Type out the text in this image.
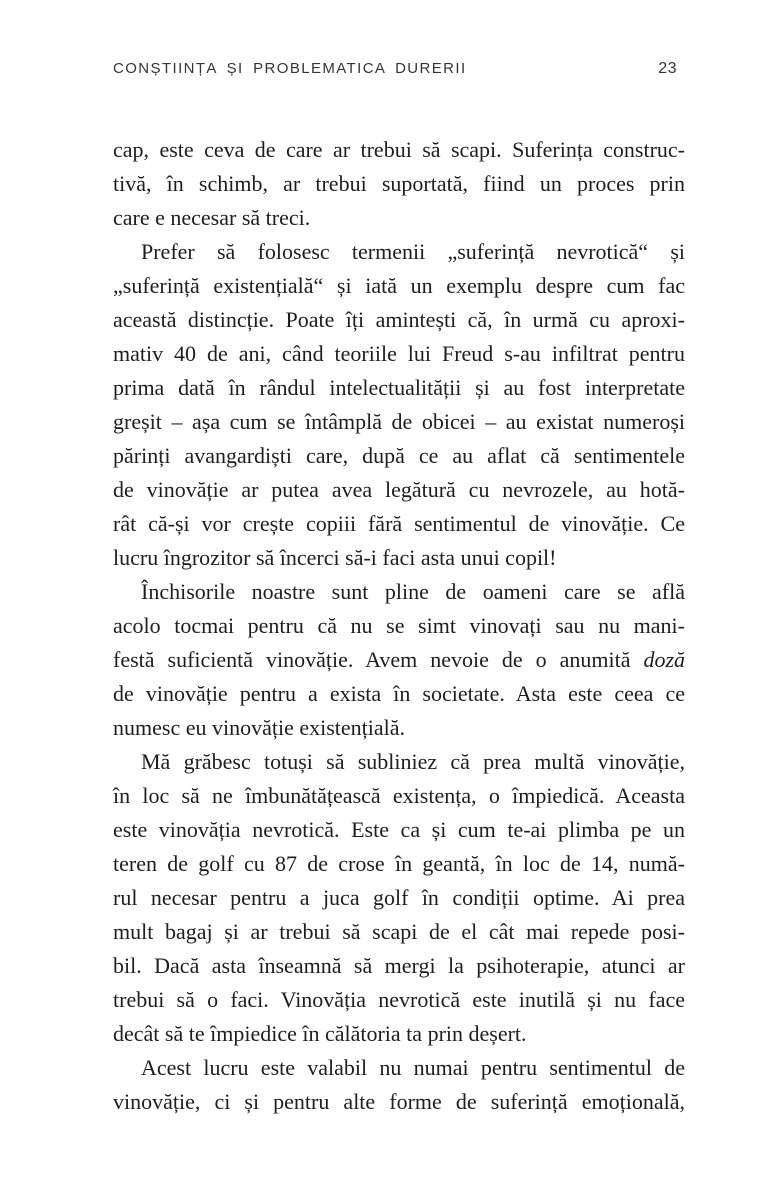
CONȘTIINȚA ȘI PROBLEMATICA DURERII	23
cap, este ceva de care ar trebui să scapi. Suferința construc-
tivă, în schimb, ar trebui suportată, fiind un proces prin
care e necesar să treci.
Prefer să folosesc termenii „suferință nevrotică“ și
„suferință existențială“ și iată un exemplu despre cum fac
această distincție. Poate îți amintești că, în urmă cu aproxi-
mativ 40 de ani, când teoriile lui Freud s-au infiltrat pentru
prima dată în rândul intelectualității și au fost interpretate
greșit – așa cum se întâmplă de obicei – au existat numeroși
părinți avangardiști care, după ce au aflat că sentimentele
de vinovăție ar putea avea legătură cu nevrozele, au hotă-
rât că-și vor crește copiii fără sentimentul de vinovăție. Ce
lucru îngrozitor să încerci să-i faci asta unui copil!
Închisorile noastre sunt pline de oameni care se află
acolo tocmai pentru că nu se simt vinovați sau nu mani-
festă suficientă vinovăție. Avem nevoie de o anumită doză
de vinovăție pentru a exista în societate. Asta este ceea ce
numesc eu vinovăție existențială.
Mă grăbesc totuși să subliniez că prea multă vinovăție,
în loc să ne îmbunătățească existența, o împiedică. Aceasta
este vinovăția nevrotică. Este ca și cum te-ai plimba pe un
teren de golf cu 87 de crose în geantă, în loc de 14, numă-
rul necesar pentru a juca golf în condiții optime. Ai prea
mult bagaj și ar trebui să scapi de el cât mai repede posi-
bil. Dacă asta înseamnă să mergi la psihoterapie, atunci ar
trebui să o faci. Vinovăția nevrotică este inutilă și nu face
decât să te împiedice în călătoria ta prin deșert.
Acest lucru este valabil nu numai pentru sentimentul de
vinovăție, ci și pentru alte forme de suferință emoțională,
